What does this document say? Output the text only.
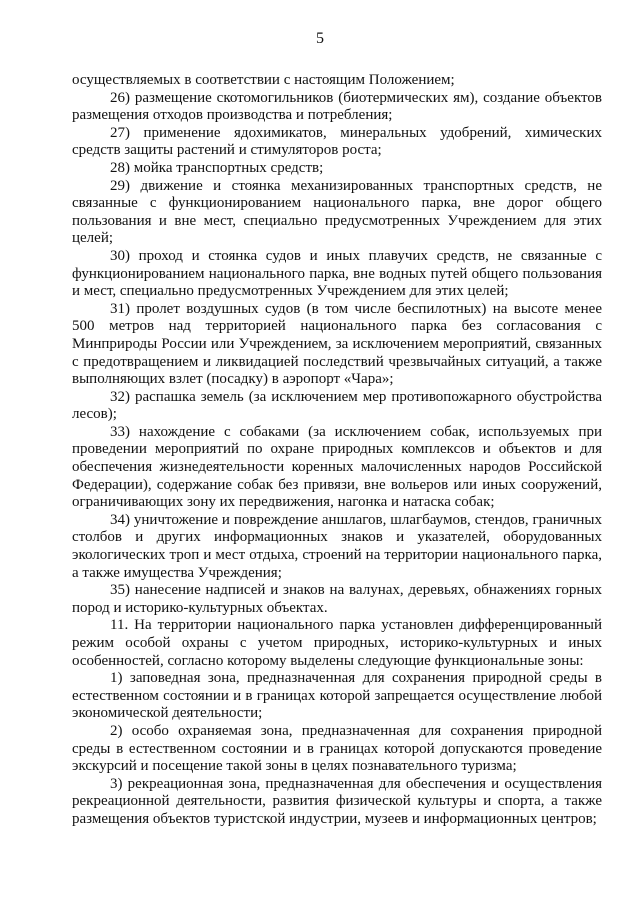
5

осуществляемых в соответствии с настоящим Положением;

26) размещение скотомогильников (биотермических ям), создание объектов размещения отходов производства и потребления;

27) применение ядохимикатов, минеральных удобрений, химических средств защиты растений и стимуляторов роста;

28) мойка транспортных средств;

29) движение и стоянка механизированных транспортных средств, не связанные с функционированием национального парка, вне дорог общего пользования и вне мест, специально предусмотренных Учреждением для этих целей;

30) проход и стоянка судов и иных плавучих средств, не связанные с функционированием национального парка, вне водных путей общего пользования и мест, специально предусмотренных Учреждением для этих целей;

31) пролет воздушных судов (в том числе беспилотных) на высоте менее 500 метров над территорией национального парка без согласования с Минприроды России или Учреждением, за исключением мероприятий, связанных с предотвращением и ликвидацией последствий чрезвычайных ситуаций, а также выполняющих взлет (посадку) в аэропорт «Чара»;

32) распашка земель (за исключением мер противопожарного обустройства лесов);

33) нахождение с собаками (за исключением собак, используемых при проведении мероприятий по охране природных комплексов и объектов и для обеспечения жизнедеятельности коренных малочисленных народов Российской Федерации), содержание собак без привязи, вне вольеров или иных сооружений, ограничивающих зону их передвижения, нагонка и натаска собак;

34) уничтожение и повреждение аншлагов, шлагбаумов, стендов, граничных столбов и других информационных знаков и указателей, оборудованных экологических троп и мест отдыха, строений на территории национального парка, а также имущества Учреждения;

35) нанесение надписей и знаков на валунах, деревьях, обнажениях горных пород и историко-культурных объектах.

11. На территории национального парка установлен дифференцированный режим особой охраны с учетом природных, историко-культурных и иных особенностей, согласно которому выделены следующие функциональные зоны:

1) заповедная зона, предназначенная для сохранения природной среды в естественном состоянии и в границах которой запрещается осуществление любой экономической деятельности;

2) особо охраняемая зона, предназначенная для сохранения природной среды в естественном состоянии и в границах которой допускаются проведение экскурсий и посещение такой зоны в целях познавательного туризма;

3) рекреационная зона, предназначенная для обеспечения и осуществления рекреационной деятельности, развития физической культуры и спорта, а также размещения объектов туристской индустрии, музеев и информационных центров;
